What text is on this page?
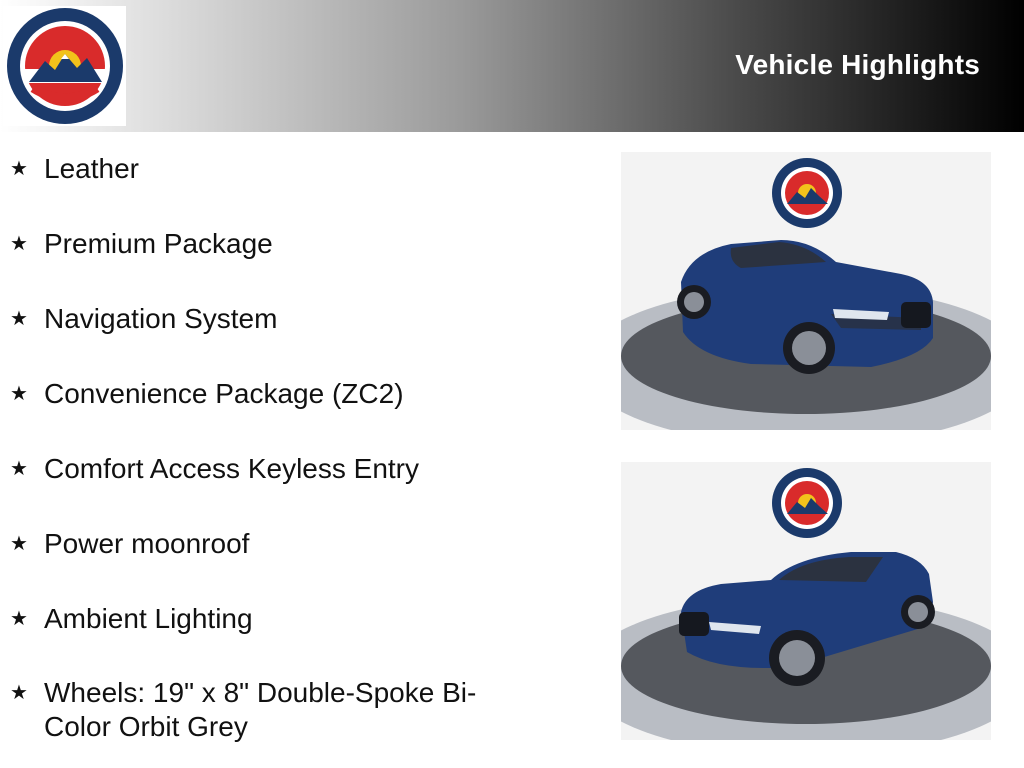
Vehicle Highlights
★ Leather
★ Premium Package
★ Navigation System
★ Convenience Package (ZC2)
★ Comfort Access Keyless Entry
★ Power moonroof
★ Ambient Lighting
★ Wheels: 19" x 8" Double-Spoke Bi-Color Orbit Grey
